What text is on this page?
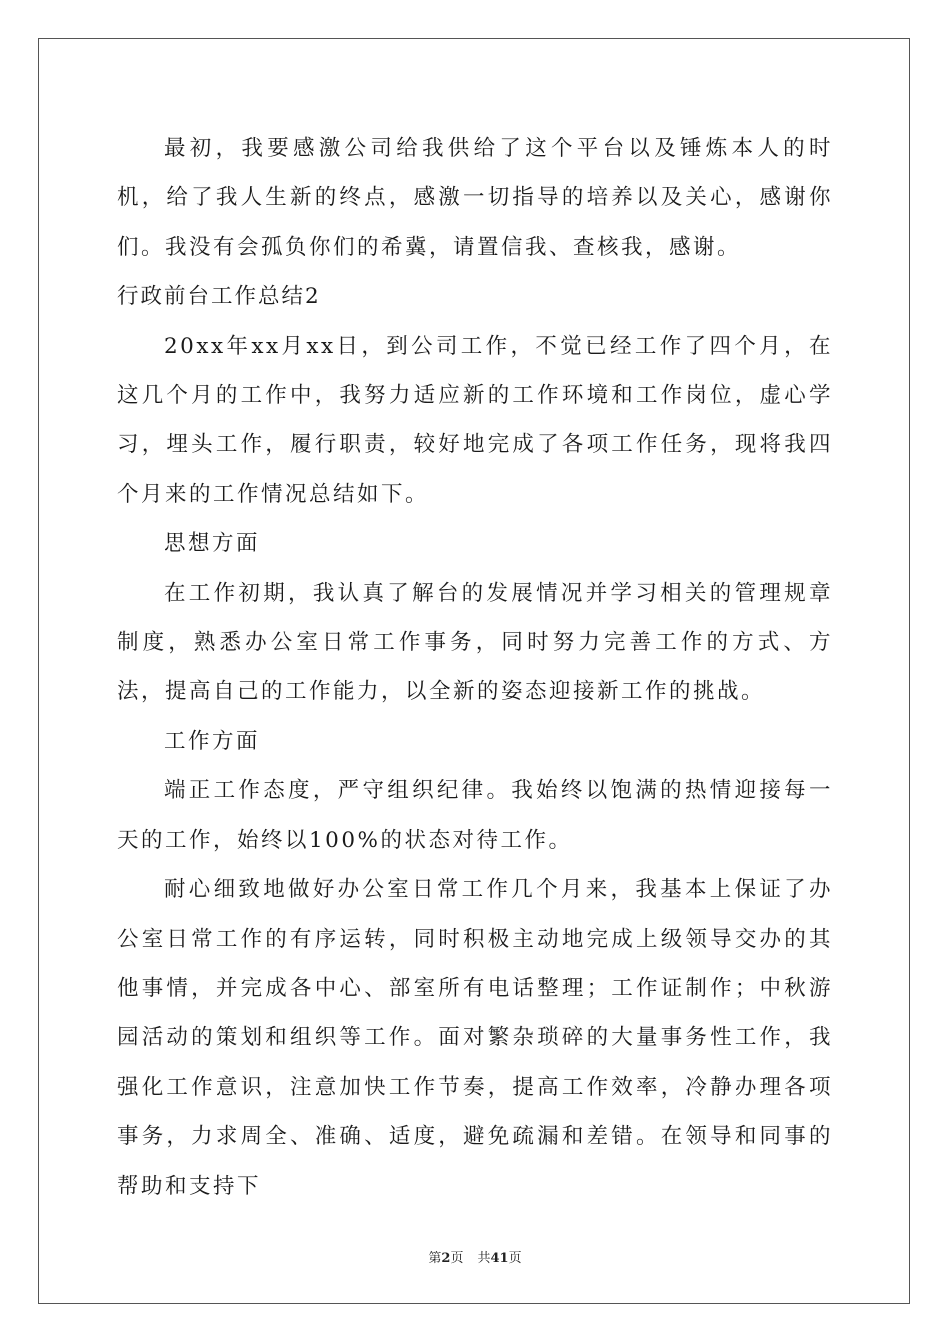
最初，我要感激公司给我供给了这个平台以及锤炼本人的时机，给了我人生新的终点，感激一切指导的培养以及关心，感谢你们。我没有会孤负你们的希冀，请置信我、查核我，感谢。

行政前台工作总结2

20xx年xx月xx日，到公司工作，不觉已经工作了四个月，在这几个月的工作中，我努力适应新的工作环境和工作岗位，虚心学习，埋头工作，履行职责，较好地完成了各项工作任务，现将我四个月来的工作情况总结如下。

思想方面

在工作初期，我认真了解台的发展情况并学习相关的管理规章制度，熟悉办公室日常工作事务，同时努力完善工作的方式、方法，提高自己的工作能力，以全新的姿态迎接新工作的挑战。

工作方面

端正工作态度，严守组织纪律。我始终以饱满的热情迎接每一天的工作，始终以100%的状态对待工作。

耐心细致地做好办公室日常工作几个月来，我基本上保证了办公室日常工作的有序运转，同时积极主动地完成上级领导交办的其他事情，并完成各中心、部室所有电话整理；工作证制作；中秋游园活动的策划和组织等工作。面对繁杂琐碎的大量事务性工作，我强化工作意识，注意加快工作节奏，提高工作效率，冷静办理各项事务，力求周全、准确、适度，避免疏漏和差错。在领导和同事的帮助和支持下

第2页 共41页
